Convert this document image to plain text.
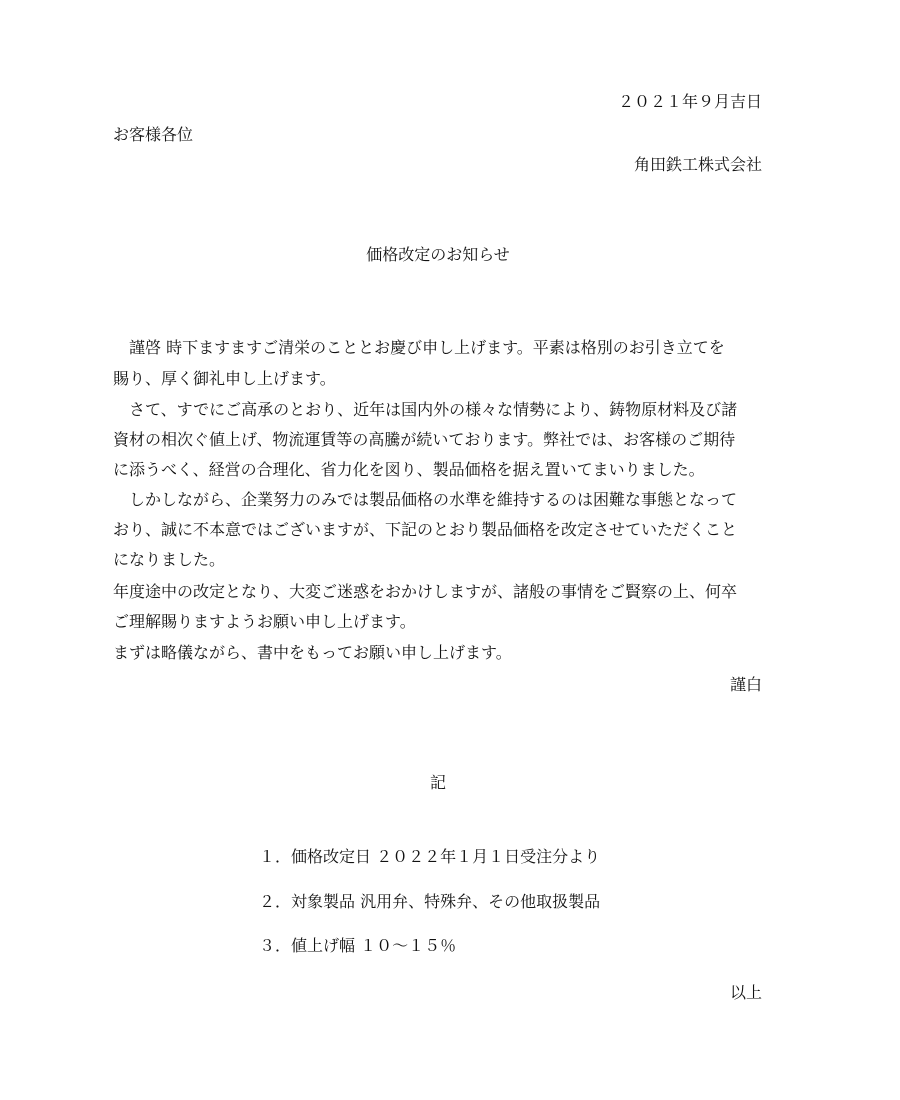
２０２１年９月吉日
お客様各位
角田鉄工株式会社
価格改定のお知らせ
　謹啓 時下ますますご清栄のこととお慶び申し上げます。平素は格別のお引き立てを
賜り、厚く御礼申し上げます。
　さて、すでにご高承のとおり、近年は国内外の様々な情勢により、鋳物原材料及び諸
資材の相次ぐ値上げ、物流運賃等の高騰が続いております。弊社では、お客様のご期待
に添うべく、経営の合理化、省力化を図り、製品価格を据え置いてまいりました。
　しかしながら、企業努力のみでは製品価格の水準を維持するのは困難な事態となって
おり、誠に不本意ではございますが、下記のとおり製品価格を改定させていただくこと
になりました。
年度途中の改定となり、大変ご迷惑をおかけしますが、諸般の事情をご賢察の上、何卒
ご理解賜りますようお願い申し上げます。
まずは略儀ながら、書中をもってお願い申し上げます。
謹白
記
１．価格改定日 ２０２２年１月１日受注分より
２．対象製品 汎用弁、特殊弁、その他取扱製品
３．値上げ幅 １０～１５％
以上
